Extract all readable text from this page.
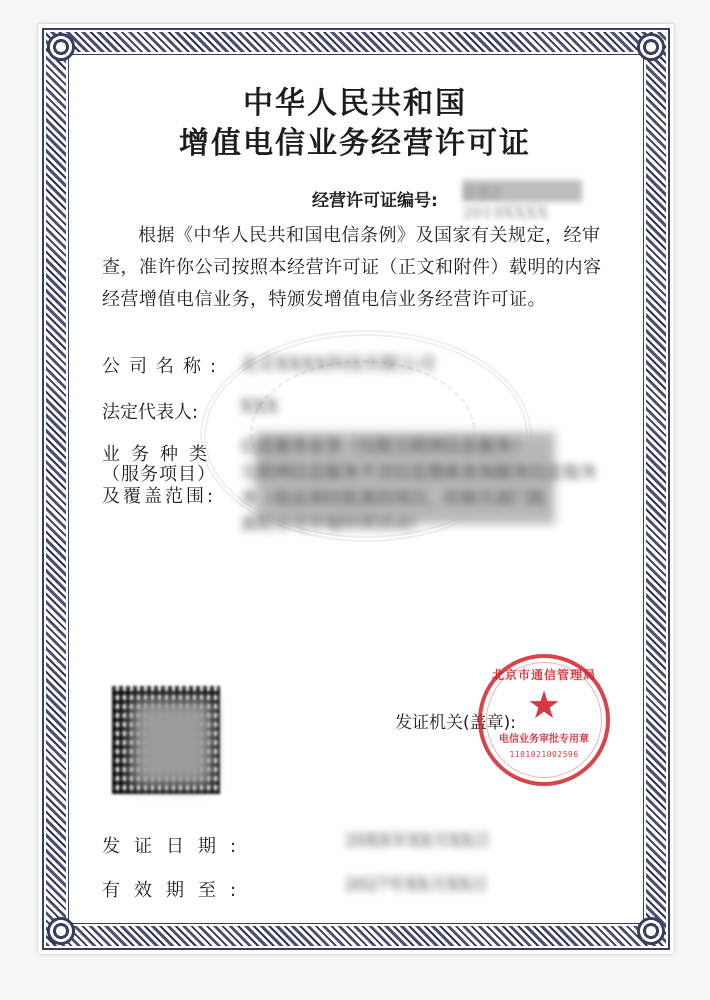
中华人民共和国
增值电信业务经营许可证
经营许可证编号: 京B2-2019XXXX
根据《中华人民共和国电信条例》及国家有关规定，经审查，准许你公司按照本经营许可证（正文和附件）载明的内容经营增值电信业务，特颁发增值电信业务经营许可证。
公司名称: 北京XXXX科技有限公司
法定代表人: XXX
业务种类
（服务项目）
及覆盖范围:
信息服务业务（仅限互联网信息服务）
互联网信息服务不含信息搜索查询服务信息服务
务（依法须经批准的项目，经相关部门批
准后方可开展经营活动）
发证机关(盖章):
北京市通信管理局
★
电信业务审批专用章
1101021002596
发证日期:	20XX年XX月XX日
有效期至:	2027年XX月XX日
